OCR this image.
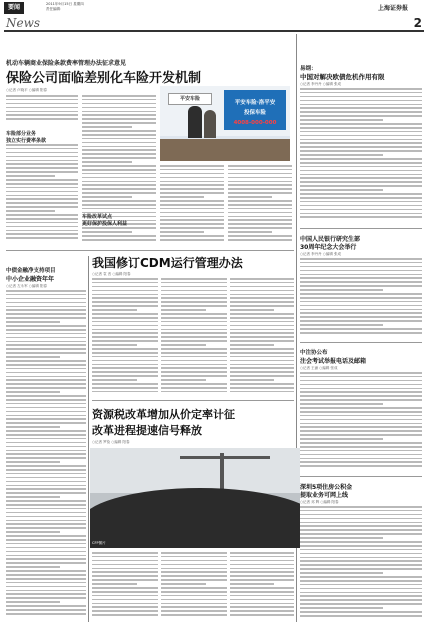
要闻	2011年9月15日 星期四
责任编辑：
News
上海证券报
2
机动车辆商业保险条款费率管理办法征求意见
保险公司面临差别化车险开发机制
○记者 卢晓平 ○编辑 阳春
车险部分业务
独立实行费率条款
平安车险
平安车险·洛平安
投保车险
4008-000-000
车险改革试点
更好保护投保人利益
易纲：
中国对解决欧债危机作用有限
○记者 李丹丹 ○编辑 张成
中国人民银行研究生部
30周年纪念大会举行
○记者 李丹丹 ○编辑 张成
中注协公布
注会考试举报电话及邮箱
○记者 王涌 ○编辑 张成
深圳5项住房公积金
提取业务可网上线
○记者 邓 辉 ○编辑 阳春
中债金融净支持项目
中小企业融资年年
○记者 左永军 ○编辑 阳春
我国修订CDM运行管理办法
○记者 袁 晋 ○编辑 阳春
资源税改革增加从价定率计征
改革进程提速信号释放
○记者 罗俭 ○编辑 阳春
CFP图片
